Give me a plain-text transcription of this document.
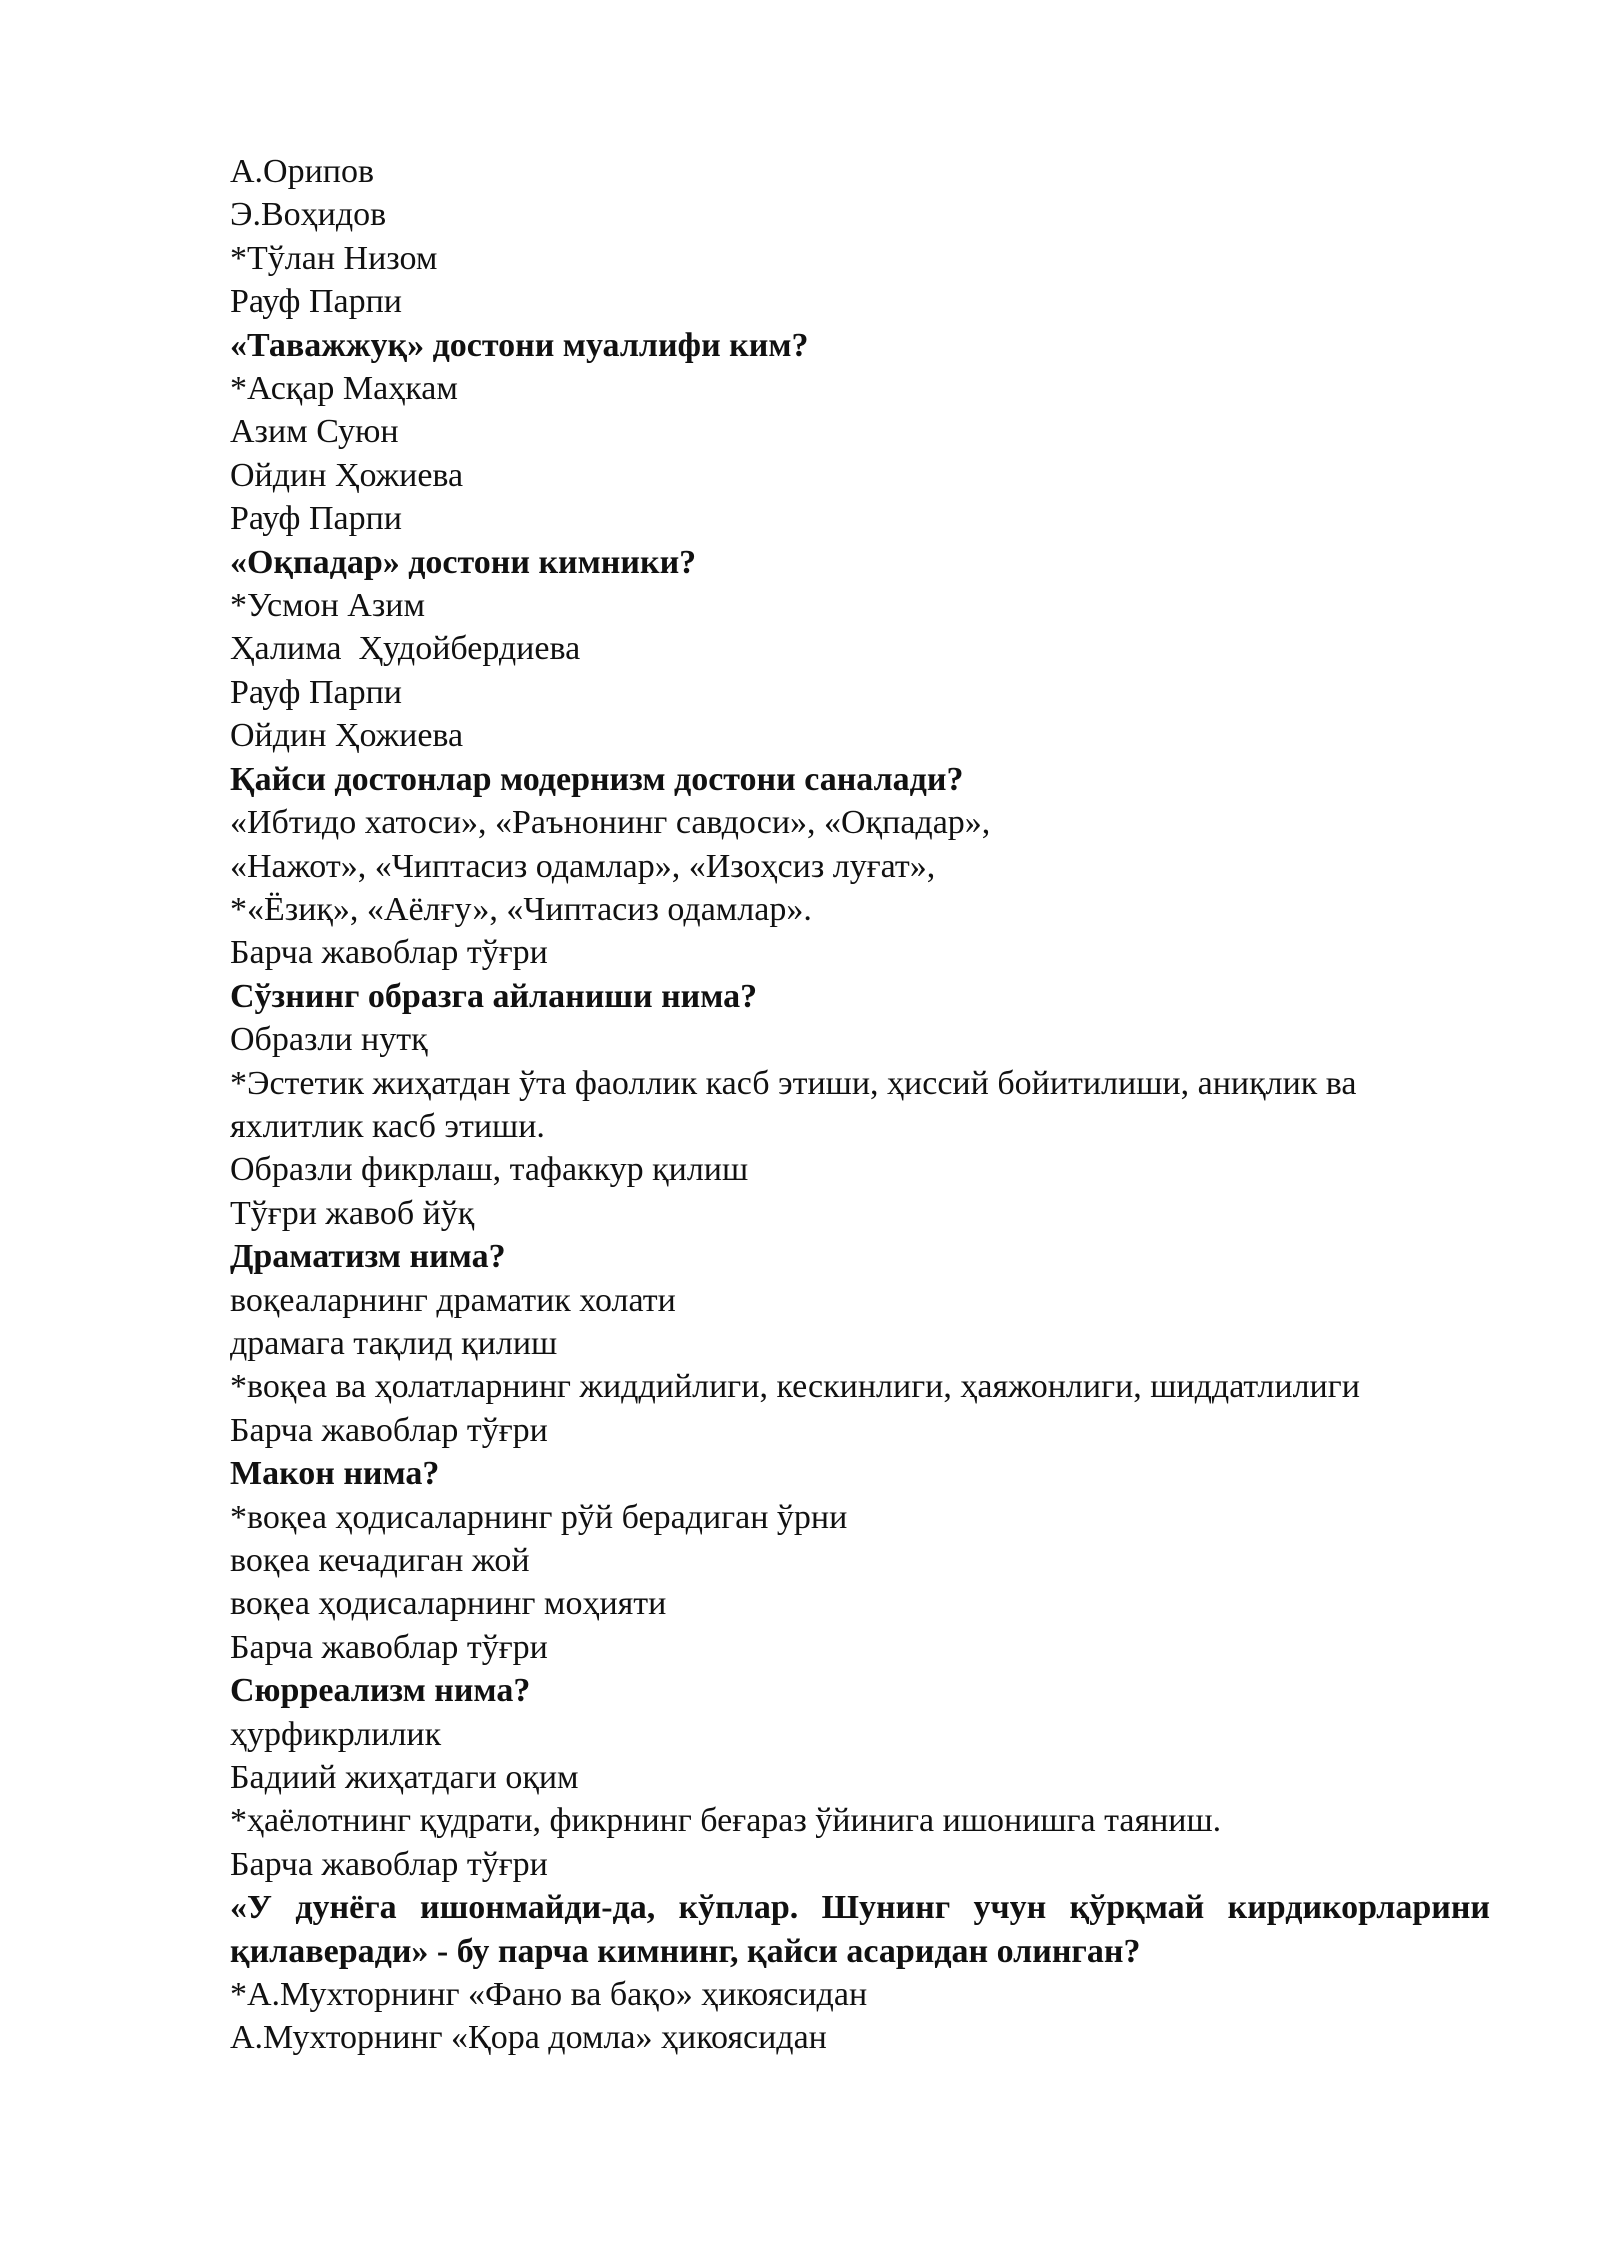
А.Орипов

Э.Воҳидов

*Тўлан Низом

Рауф Парпи

«Таважжуқ» достони муаллифи ким?

*Асқар Маҳкам

Азим Суюн

Ойдин Ҳожиева

Рауф Парпи

«Оқпадар» достони кимники?

*Усмон Азим

Ҳалима  Ҳудойбердиева

Рауф Парпи

Ойдин Ҳожиева

Қайси достонлар модернизм достони саналади?

«Ибтидо хатоси», «Раънонинг савдоси», «Оқпадар»,

«Нажот», «Чиптасиз одамлар», «Изоҳсиз луғат»,

*«Ёзиқ», «Аёлғу», «Чиптасиз одамлар».

Барча жавоблар тўғри

Сўзнинг образга айланиши нима?

Образли нутқ

*Эстетик жиҳатдан ўта фаоллик касб этиши, ҳиссий бойитилиши, аниқлик ва яхлитлик касб этиши.

Образли фикрлаш, тафаккур қилиш

Тўғри жавоб йўқ

Драматизм нима?

воқеаларнинг драматик холати

драмага тақлид қилиш

*воқеа ва ҳолатларнинг жиддийлиги, кескинлиги, ҳаяжонлиги, шиддатлилиги

Барча жавоблар тўғри

Макон нима?

*воқеа ҳодисаларнинг рўй берадиган ўрни

воқеа кечадиган жой

воқеа ҳодисаларнинг моҳияти

Барча жавоблар тўғри

Сюрреализм нима?

ҳурфикрлилик

Бадиий жиҳатдаги оқим

*ҳаёлотнинг қудрати, фикрнинг беғараз ўйинига ишонишга таяниш.

Барча жавоблар тўғри

«У дунёга ишонмайди-да, кўплар. Шунинг учун қўрқмай кирдикорларини қилаверади» - бу парча кимнинг, қайси асаридан олинган?

*А.Мухторнинг «Фано ва бақо» ҳикоясидан

А.Мухторнинг «Қора домла» ҳикоясидан
